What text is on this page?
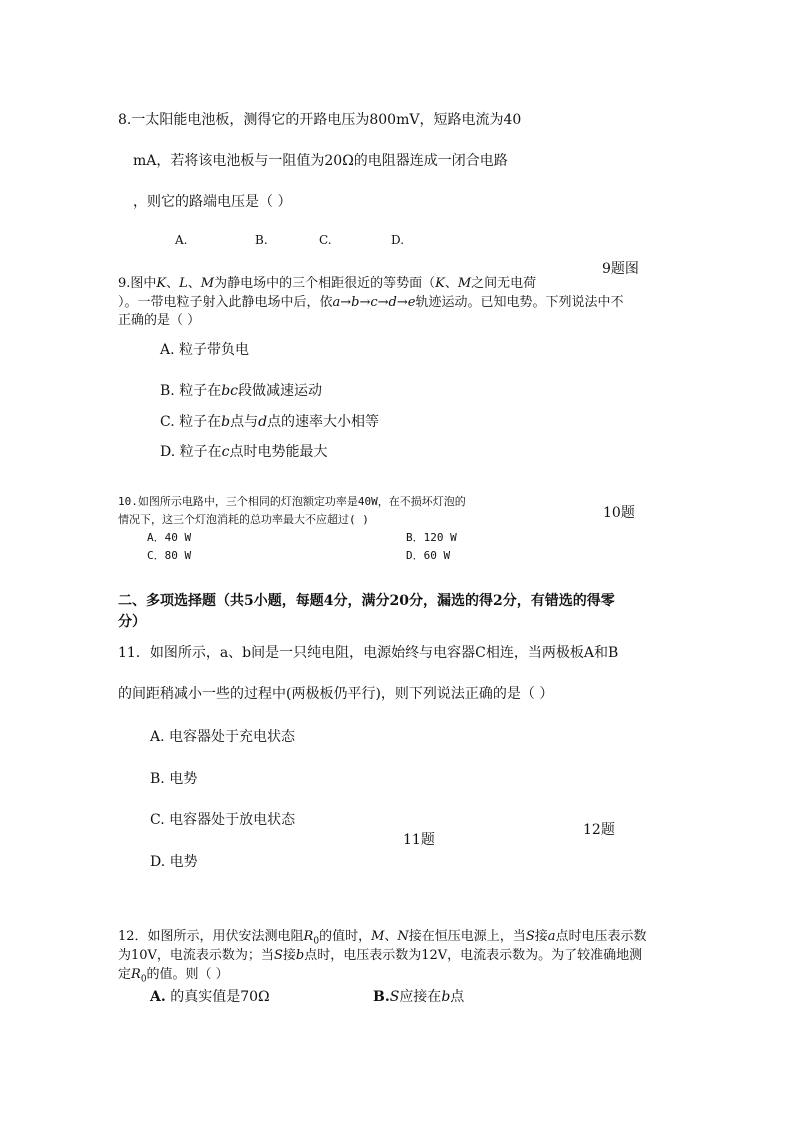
8.一太阳能电池板，测得它的开路电压为800mV，短路电流为40
mA，若将该电池板与一阻值为20Ω的电阻器连成一闭合电路
，则它的路端电压是（ ）
A.	B.	C.	D.
9题图
9.图中K、L、M为静电场中的三个相距很近的等势面（K、M之间无电荷
）。一带电粒子射入此静电场中后，依a→b→c→d→e轨迹运动。已知电势。下列说法中不
正确的是（ ）
A. 粒子带负电
B. 粒子在bc段做减速运动
C. 粒子在b点与d点的速率大小相等
D. 粒子在c点时电势能最大
10.如图所示电路中，三个相同的灯泡额定功率是40W，在不损坏灯泡的
10题
情况下，这三个灯泡消耗的总功率最大不应超过( )
A．40 W	B．120 W
C．80 W	D．60 W
二、多项选择题（共5小题，每题4分，满分20分，漏选的得2分，有错选的得零
分）
11．如图所示，a、b间是一只纯电阻，电源始终与电容器C相连，当两极板A和B
的间距稍减小一些的过程中(两极板仍平行)，则下列说法正确的是（ ）
A. 电容器处于充电状态
B. 电势
C. 电容器处于放电状态
12题
11题
D. 电势
12．如图所示，用伏安法测电阻$R_0$的值时，M、N接在恒压电源上，当S接a点时电压表示数
为10V，电流表示数为；当S接b点时，电压表示数为12V，电流表示数为。为了较准确地测
定$R_0$的值。则（ ）
A. 的真实值是70Ω	B.S应接在b点
